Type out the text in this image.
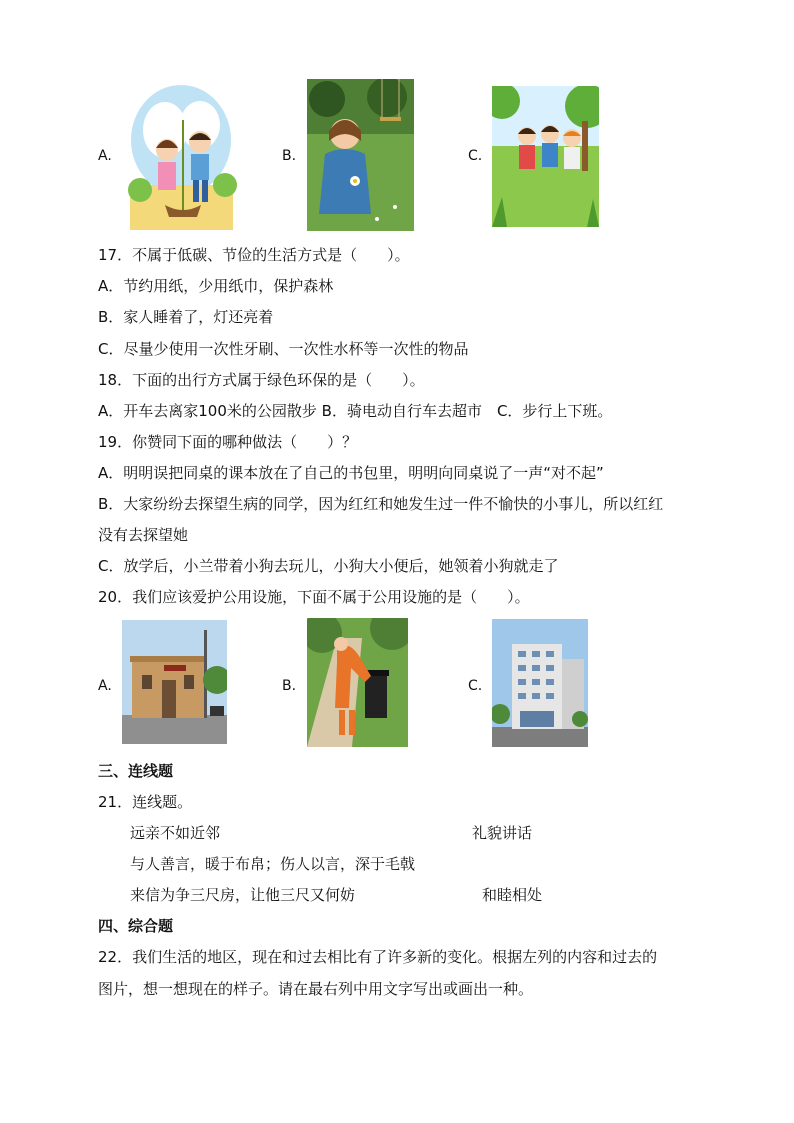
A.	B.	C.
17．不属于低碳、节俭的生活方式是（　　）。
A．节约用纸，少用纸巾，保护森林
B．家人睡着了，灯还亮着
C．尽量少使用一次性牙刷、一次性水杯等一次性的物品
18．下面的出行方式属于绿色环保的是（　　）。
A．开车去离家100米的公园散步 B．骑电动自行车去超市　C．步行上下班。
19．你赞同下面的哪种做法（　　）？
A．明明误把同桌的课本放在了自己的书包里，明明向同桌说了一声“对不起”
B．大家纷纷去探望生病的同学，因为红红和她发生过一件不愉快的小事儿，所以红红
没有去探望她
C．放学后，小兰带着小狗去玩儿，小狗大小便后，她领着小狗就走了
20．我们应该爱护公用设施，下面不属于公用设施的是（　　）。
A.	B.	C.
三、连线题
21．连线题。
远亲不如近邻	礼貌讲话
与人善言，暖于布帛；伤人以言，深于毛戟
来信为争三尺房，让他三尺又何妨	和睦相处
四、综合题
22．我们生活的地区，现在和过去相比有了许多新的变化。根据左列的内容和过去的
图片，想一想现在的样子。请在最右列中用文字写出或画出一种。
